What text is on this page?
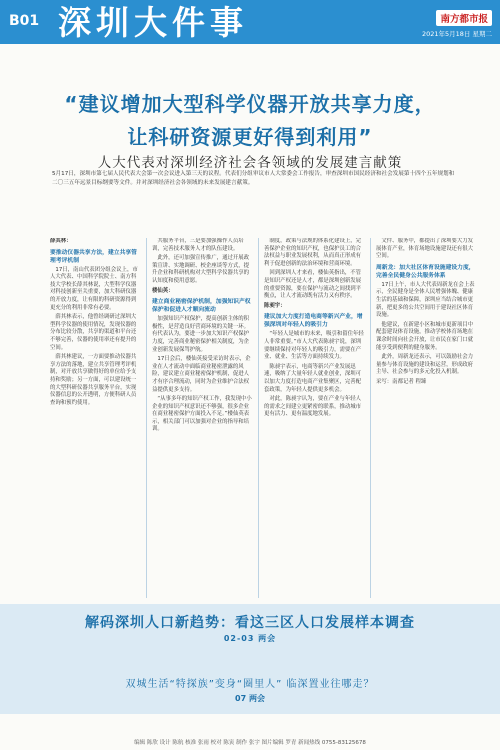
B01 深圳大件事	南方都市报
2021年5月18日 星期二
“建议增加大型科学仪器开放共享力度，
让科研资源更好得到利用”
人大代表对深圳经济社会各领域的发展建言献策
5月17日，深圳市第七届人民代表大会第一次会议进入第三天的议程。代表们分组审议市人大常委会工作报告，审查深圳市国民经济和社会发展第十四个五年规划和二〇三五年远景目标纲要等文件。并对深圳经济社会各领域的未来发展建言献策。

薛其林：

要推动仪器共享方法，建立共享管理考评机制

17日，南山代表团分组会议上，市人大代表、中国科学院院士、南方科技大学校长薛其林说，大型科学仪器对科技创新至关重要，加大科研仪器的开放力度，让有限的科研资源得到更充分的利用非常有必要。

薛其林表示，他曾经调研过深圳大型科学仪器的使用情况，发现仪器的分布比较分散，共享的渠道和平台还不够完善，仪器的使用率还有提升的空间。

薛其林建议，一方面要推动仪器共享方法的落地，建立共享管理考评机制，对开放共享做得好的单位给予支持和奖励；另一方面，可以建设统一的大型科研仪器共享服务平台，实现仪器信息的公开透明，方便科研人员查询和预约使用。

共服务平台，三是要加强操作人员培训，完善技术服务人才的队伍建设。

此外，还可加强宣传推广，通过开展政策宣讲、实地调研、校企座谈等方式，提升企业和科研机构对大型科学仪器共享的认知度和使用意愿。

楼仙英：

建立商业秘密保护机制，加强知识产权保护和促进人才顺向流动

加强知识产权保护，提高创新主体的积极性，是营造良好营商环境的关键一环。有代表认为，要进一步加大知识产权保护力度，完善商业秘密保护相关制度，为企业创新发展保驾护航。

17日会后，楼仙英接受采访时表示，企业在人才流动中面临商业秘密泄露的风险，建议建立商业秘密保护机制，促进人才有序合理流动，同时为企业维护合法权益提供更多支持。

“从事多年的知识产权工作，我发现中小企业的知识产权意识还不够强，很多企业在商业秘密保护方面投入不足。”楼仙英表示，相关部门可以加强对企业的指导和培训。

制度，政策与法规的体系化建设上，完善保护企业的知识产权，也保护员工的合法权益与职业发展权利，从而真正形成有利于促进创新的法治环境和营商环境。

回到深圳人才来看，楼仙英指出，不管是知识产权还是人才，都是深圳创新发展的重要资源，要在保护与流动之间找到平衡点，让人才流动既有活力又有秩序。

陈昶宇：

建议加大力度打造电商等新兴产业，增强深圳对年轻人的吸引力

“年轻人是城市的未来，吸引和留住年轻人非常重要。”市人大代表陈昶宇说，深圳要继续保持对年轻人的吸引力，需要在产业、就业、生活等方面持续发力。

陈昶宇表示，电商等新兴产业发展迅速，吸纳了大量年轻人就业创业，深圳可以加大力度打造电商产业集聚区，完善配套政策，为年轻人提供更多机会。

对此，陈昶宇认为，要在产业与年轻人的需求之间建立更紧密的联系，推动城市更有活力、更有温度地发展。

文件、服务中，都提出了深圳要大力发展体育产业，体育场地设施建设还有很大空间。

周新龙：加大社区体育设施建设力度，完善全民健身公共服务体系

17日上午，市人大代表周新龙在会上表示，全民健身是全体人民增强体魄、健康生活的基础和保障，深圳应当结合城市更新，把更多的公共空间用于建设社区体育设施。

他建议，在新建小区和城市更新项目中配套建设体育设施，推动学校体育场地在课余时间向社会开放，让市民在家门口就能享受到便利的健身服务。

此外，周新龙还表示，可以鼓励社会力量参与体育设施的建设和运营，形成政府主导、社会参与的多元化投入机制。

采写：南都记者 程臻

解码深圳人口新趋势：看这三区人口发展样本调查
02-03 两会
双城生活“特探族”变身“圈里人” 临深置业往哪走？
07 两会
编辑 陈欣 设计 陈航 核准 张雨 校对 陈寅 制作 张宇 图片编辑 罗青 新闻热线 0755-83125678
